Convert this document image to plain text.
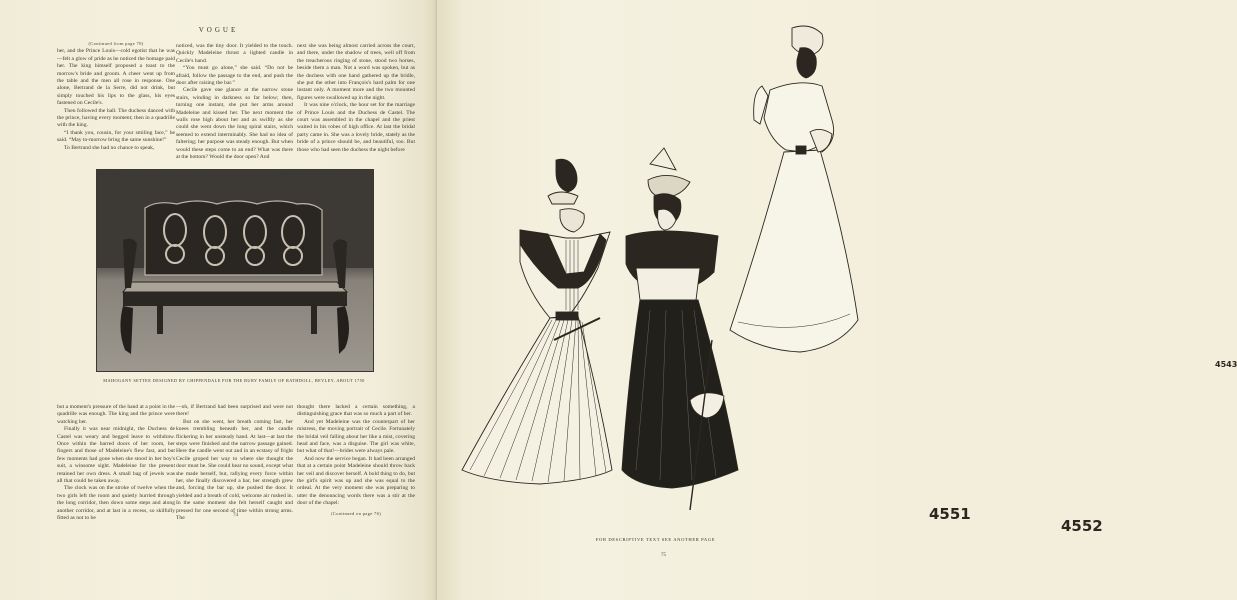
VOGUE
(Continued from page 70)

her, and the Prince Louis—cold egotist that he was—felt a glow of pride as he noticed the homage paid her. The king himself proposed a toast to the morrow's bride and groom. A cheer went up from the table and the men all rose in response. One alone, Bertrand de la Serre, did not drink, but simply touched his lips to the glass, his eyes fastened on Cecile's.

Then followed the ball. The duchess danced with the prince, having every moment; then in a quadrille with the king.

“I thank you, cousin, for your smiling face,” he said. “May to-morrow bring the same sunshine!”

To Bertrand she had no chance to speak,

noticed, was the tiny door. It yielded to the touch. Quickly Madeleine thrust a lighted candle in Cecile's hand.

“You must go alone,” she said. “Do not be afraid, follow the passage to the end, and push the door after raising the bar.”

Cecile gave one glance at the narrow stone stairs, winding in darkness so far below; then, turning one instant, she put her arms around Madeleine and kissed her. The next moment the walls rose high about her and as swiftly as she could she went down the long spiral stairs, which seemed to extend interminably. She had no idea of faltering; her purpose was steady enough. But when would these steps come to an end? What was there at the bottom? Would the door open? And

next she was being almost carried across the court, and there, under the shadow of trees, well off from the treacherous ringing of stone, stood two horses, beside them a man. Not a word was spoken, but as the duchess with one hand gathered up the bridle, she put the other into François's hard palm for one instant only. A moment more and the two mounted figures were swallowed up in the night.

It was nine o'clock, the hour set for the marriage of Prince Louis and the Duchess de Castel. The court was assembled in the chapel and the priest waited in his robes of high office. At last the bridal party came in. She was a lovely bride, stately as the bride of a prince should be, and beautiful, too. But those who had seen the duchess the night before

MAHOGANY SETTEE DESIGNED BY CHIPPENDALE FOR THE BURY FAMILY OF RATHDOLL, BEVLEY, ABOUT 1750

but a moment's pressure of the hand at a point in the quadrille was enough. The king and the prince were watching her.

Finally it was near midnight, the Duchess de Castel was weary and begged leave to withdraw. Once within the barred doors of her room, her fingers and those of Madeleine's flew fast, and but few moments had gone when she stood in her boy's suit, a winsome sight. Madeleine for the present retained her own dress. A small bag of jewels was all that could be taken away.

The clock was on the stroke of twelve when the two girls left the room and quietly hurried through the long corridor, then down some steps and along another corridor, and at last in a recess, so skilfully fitted as not to be

—oh, if Bertrand had been surprised and were not there!

But on she went, her breath coming fast, her knees trembling beneath her, and the candle flickering in her unsteady hand. At last—at last the steps were finished and the narrow passage gained. Here the candle went out and in an ecstasy of fright Cecile groped her way to where she thought the door must be. She could hear no sound, except what she made herself, but, rallying every force within her, she finally discovered a bar, her strength grew and, forcing the bar up, she pushed the door. It yielded and a breath of cold, welcome air rushed in. In the same moment she felt herself caught and pressed for one second of time within strong arms. The

thought there lacked a certain something, a distinguishing grace that was so much a part of her.

And yet Madeleine was the counterpart of her mistress, the moving portrait of Cecile. Fortunately the bridal veil falling about her like a mist, covering head and face, was a disguise. The girl was white, but what of that!—brides were always pale.

And now the service began. It had been arranged that at a certain point Madeleine should throw back her veil and discover herself. A bold thing to do, but the girl's spirit was up and she was equal to the ordeal. At the very moment she was preparing to utter the denouncing words there was a stir at the door of the chapel:

(Continued on page 76)
74	4551
4552
4543
FOR DESCRIPTIVE TEXT SEE ANOTHER PAGE
75
